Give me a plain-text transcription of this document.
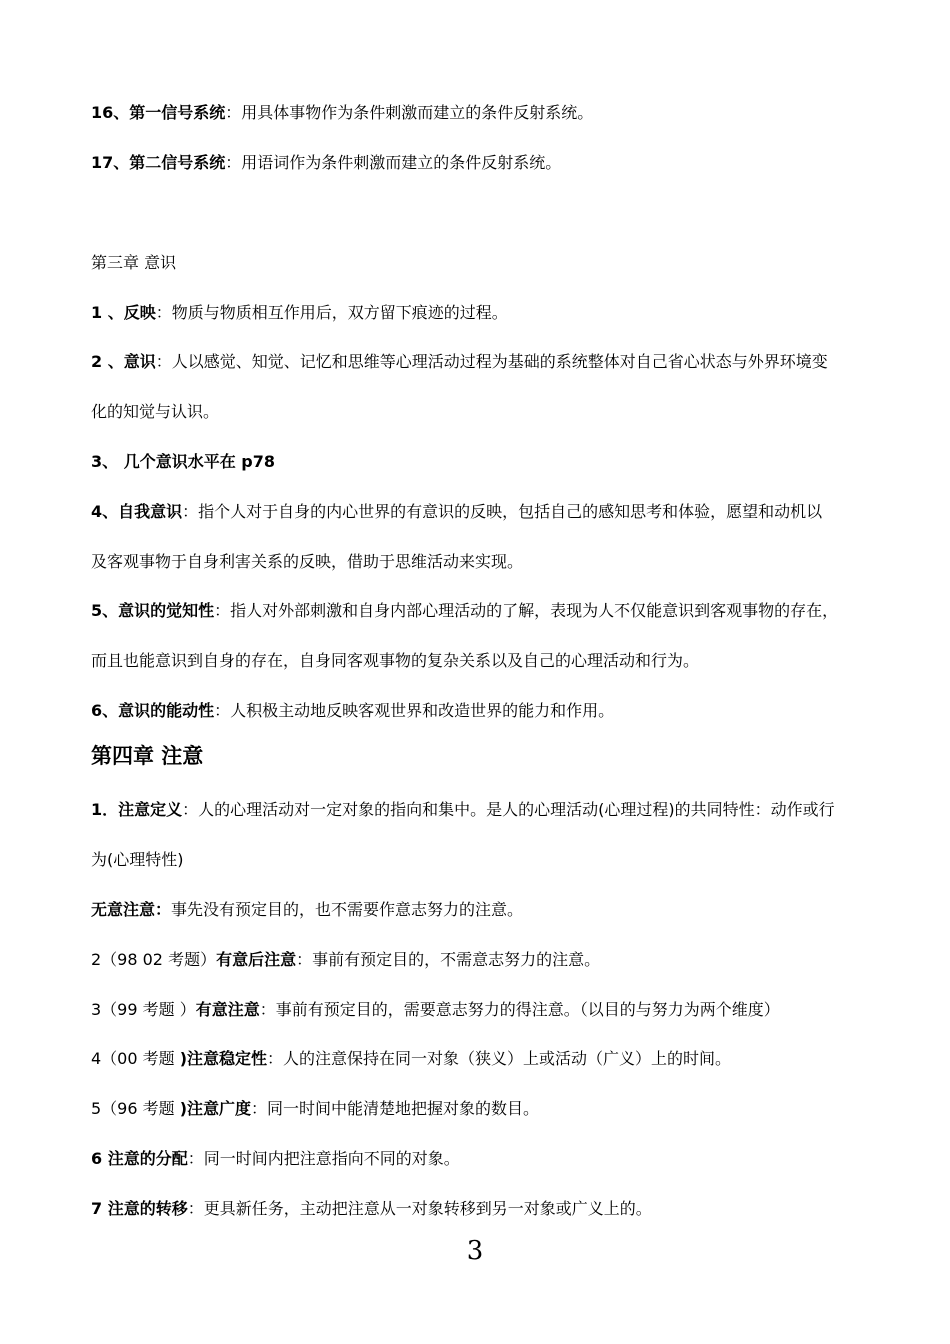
16、第一信号系统：用具体事物作为条件刺激而建立的条件反射系统。
17、第二信号系统：用语词作为条件刺激而建立的条件反射系统。
第三章 意识
1 、反映：物质与物质相互作用后，双方留下痕迹的过程。
2 、意识：人以感觉、知觉、记忆和思维等心理活动过程为基础的系统整体对自己省心状态与外界环境变
化的知觉与认识。
3、 几个意识水平在 p78
4、自我意识：指个人对于自身的内心世界的有意识的反映，包括自己的感知思考和体验，愿望和动机以
及客观事物于自身利害关系的反映，借助于思维活动来实现。
5、意识的觉知性：指人对外部刺激和自身内部心理活动的了解，表现为人不仅能意识到客观事物的存在，
而且也能意识到自身的存在，自身同客观事物的复杂关系以及自己的心理活动和行为。
6、意识的能动性：人积极主动地反映客观世界和改造世界的能力和作用。
第四章 注意
1．注意定义：人的心理活动对一定对象的指向和集中。是人的心理活动(心理过程)的共同特性：动作或行
为(心理特性)
无意注意：事先没有预定目的，也不需要作意志努力的注意。
2（98 02 考题）有意后注意：事前有预定目的，不需意志努力的注意。
3（99 考题 ）有意注意：事前有预定目的，需要意志努力的得注意。（以目的与努力为两个维度）
4（00 考题 )注意稳定性：人的注意保持在同一对象（狭义）上或活动（广义）上的时间。
5（96 考题 )注意广度：同一时间中能清楚地把握对象的数目。
6 注意的分配：同一时间内把注意指向不同的对象。
7 注意的转移：更具新任务，主动把注意从一对象转移到另一对象或广义上的。
3
